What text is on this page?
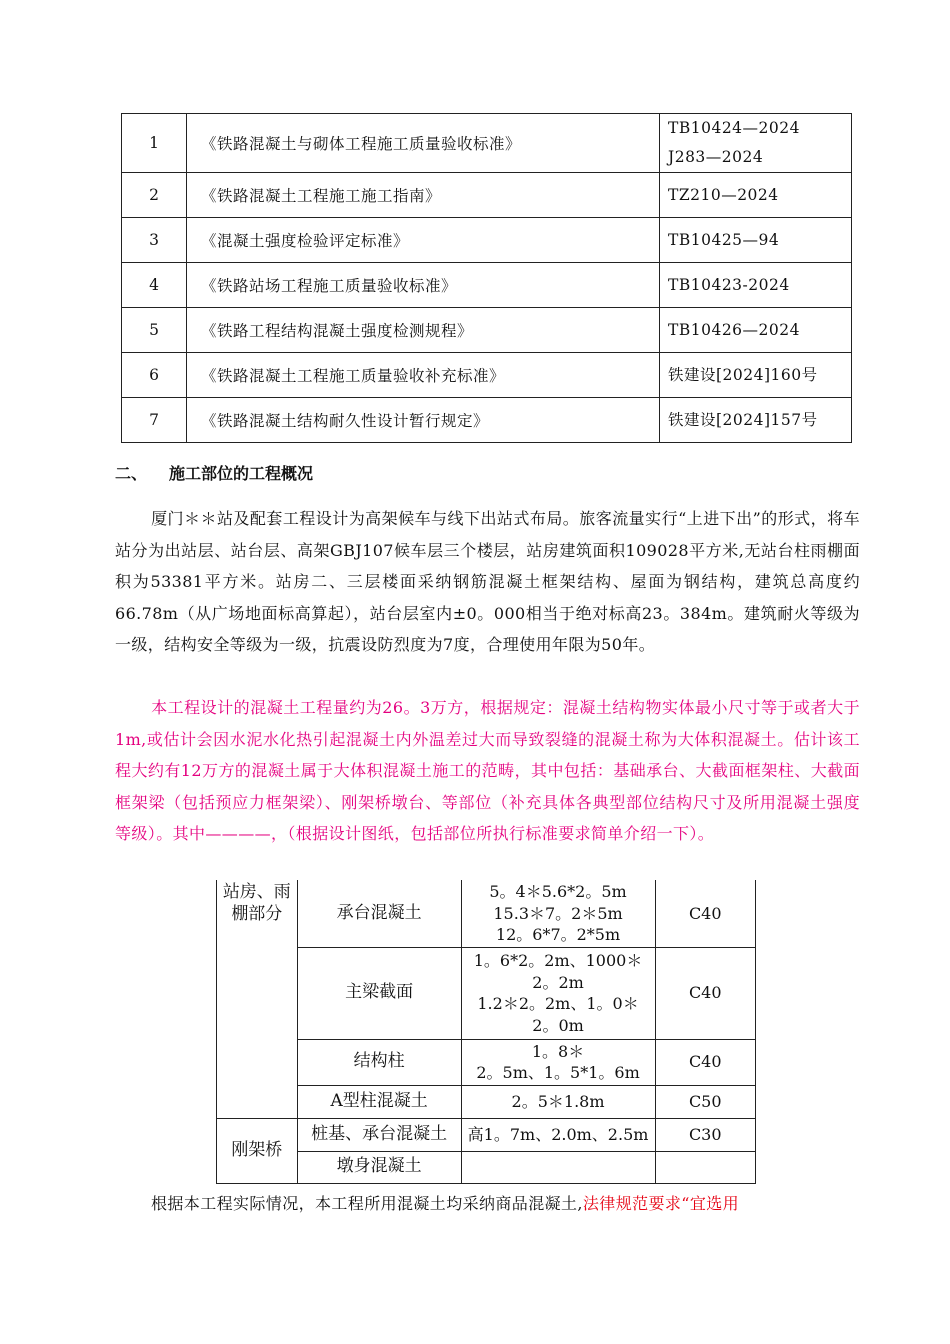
1	《铁路混凝土与砌体工程施工质量验收标准》	TB10424—2024
J283—2024

2	《铁路混凝土工程施工施工指南》	TZ210—2024
3	《混凝土强度检验评定标准》	TB10425—94
4	《铁路站场工程施工质量验收标准》	TB10423-2024
5	《铁路工程结构混凝土强度检测规程》	TB10426—2024
6	《铁路混凝土工程施工质量验收补充标准》	铁建设[2024]160号
7	《铁路混凝土结构耐久性设计暂行规定》	铁建设[2024]157号
二、 施工部位的工程概况
厦门＊＊站及配套工程设计为高架候车与线下出站式布局。旅客流量实行“上进下出”的形式，将车站分为出站层、站台层、高架GBJ107候车层三个楼层，站房建筑面积109028平方米,无站台柱雨棚面积为53381平方米。站房二、三层楼面采纳钢筋混凝土框架结构、屋面为钢结构，建筑总高度约66.78m（从广场地面标高算起），站台层室内±0。000相当于绝对标高23。384m。建筑耐火等级为一级，结构安全等级为一级，抗震设防烈度为7度，合理使用年限为50年。
本工程设计的混凝土工程量约为26。3万方，根据规定：混凝土结构物实体最小尺寸等于或者大于1m,或估计会因水泥水化热引起混凝土内外温差过大而导致裂缝的混凝土称为大体积混凝土。估计该工程大约有12万方的混凝土属于大体积混凝土施工的范畴，其中包括：基础承台、大截面框架柱、大截面框架梁（包括预应力框架梁）、刚架桥墩台、等部位（补充具体各典型部位结构尺寸及所用混凝土强度等级）。其中————，（根据设计图纸，包括部位所执行标准要求简单介绍一下）。
站房、雨棚部分	承台混凝土	5。4＊5.6*2。5m
15.3＊7。2＊5m
12。6*7。2*5m	C40
	主梁截面	1。6*2。2m、1000＊
2。2m
1.2＊2。2m、1。0＊
2。0m	C40
	结构柱	1。8＊
2。5m、1。5*1。6m	C40
	A型柱混凝土	2。5＊1.8m	C50
刚架桥	桩基、承台混凝土	高1。7m、2.0m、2.5m	C30
	墩身混凝土		
根据本工程实际情况，本工程所用混凝土均采纳商品混凝土,法律规范要求“宜选用
